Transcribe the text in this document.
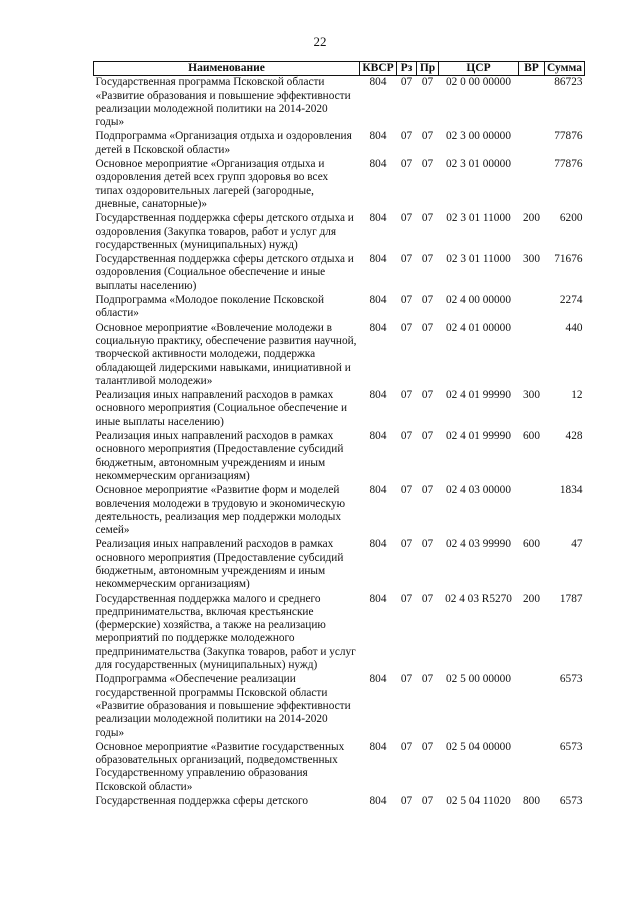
22
Наименование	КВСР	Рз	Пр	ЦСР	ВР	Сумма
Государственная программа Псковской области «Развитие образования и повышение эффективности реализации молодежной политики на 2014-2020 годы»	804	07	07	02 0 00 00000		86723
Подпрограмма «Организация отдыха и оздоровления детей в Псковской области»	804	07	07	02 3 00 00000		77876
Основное мероприятие «Организация отдыха и оздоровления детей всех групп здоровья во всех типах оздоровительных лагерей (загородные, дневные, санаторные)»	804	07	07	02 3 01 00000		77876
Государственная поддержка сферы детского отдыха и оздоровления (Закупка товаров, работ и услуг для государственных (муниципальных) нужд)	804	07	07	02 3 01 11000	200	6200
Государственная поддержка сферы детского отдыха и оздоровления (Социальное обеспечение и иные выплаты населению)	804	07	07	02 3 01 11000	300	71676
Подпрограмма «Молодое поколение Псковской области»	804	07	07	02 4 00 00000		2274
Основное мероприятие «Вовлечение молодежи в социальную практику, обеспечение развития научной, творческой активности молодежи, поддержка обладающей лидерскими навыками, инициативной и талантливой молодежи»	804	07	07	02 4 01 00000		440
Реализация иных направлений расходов в рамках основного мероприятия (Социальное обеспечение и иные выплаты населению)	804	07	07	02 4 01 99990	300	12
Реализация иных направлений расходов в рамках основного мероприятия (Предоставление субсидий бюджетным, автономным учреждениям и иным некоммерческим организациям)	804	07	07	02 4 01 99990	600	428
Основное мероприятие «Развитие форм и моделей вовлечения молодежи в трудовую и экономическую деятельность, реализация мер поддержки молодых семей»	804	07	07	02 4 03 00000		1834
Реализация иных направлений расходов в рамках основного мероприятия (Предоставление субсидий бюджетным, автономным учреждениям и иным некоммерческим организациям)	804	07	07	02 4 03 99990	600	47
Государственная поддержка малого и среднего предпринимательства, включая крестьянские (фермерские) хозяйства, а также на реализацию мероприятий по поддержке молодежного предпринимательства (Закупка товаров, работ и услуг для государственных (муниципальных) нужд)	804	07	07	02 4 03 R5270	200	1787
Подпрограмма «Обеспечение реализации государственной программы Псковской области «Развитие образования и повышение эффективности реализации молодежной политики на 2014-2020 годы»	804	07	07	02 5 00 00000		6573
Основное мероприятие «Развитие государственных образовательных организаций, подведомственных Государственному управлению образования Псковской области»	804	07	07	02 5 04 00000		6573
Государственная поддержка сферы детского	804	07	07	02 5 04 11020	800	6573
